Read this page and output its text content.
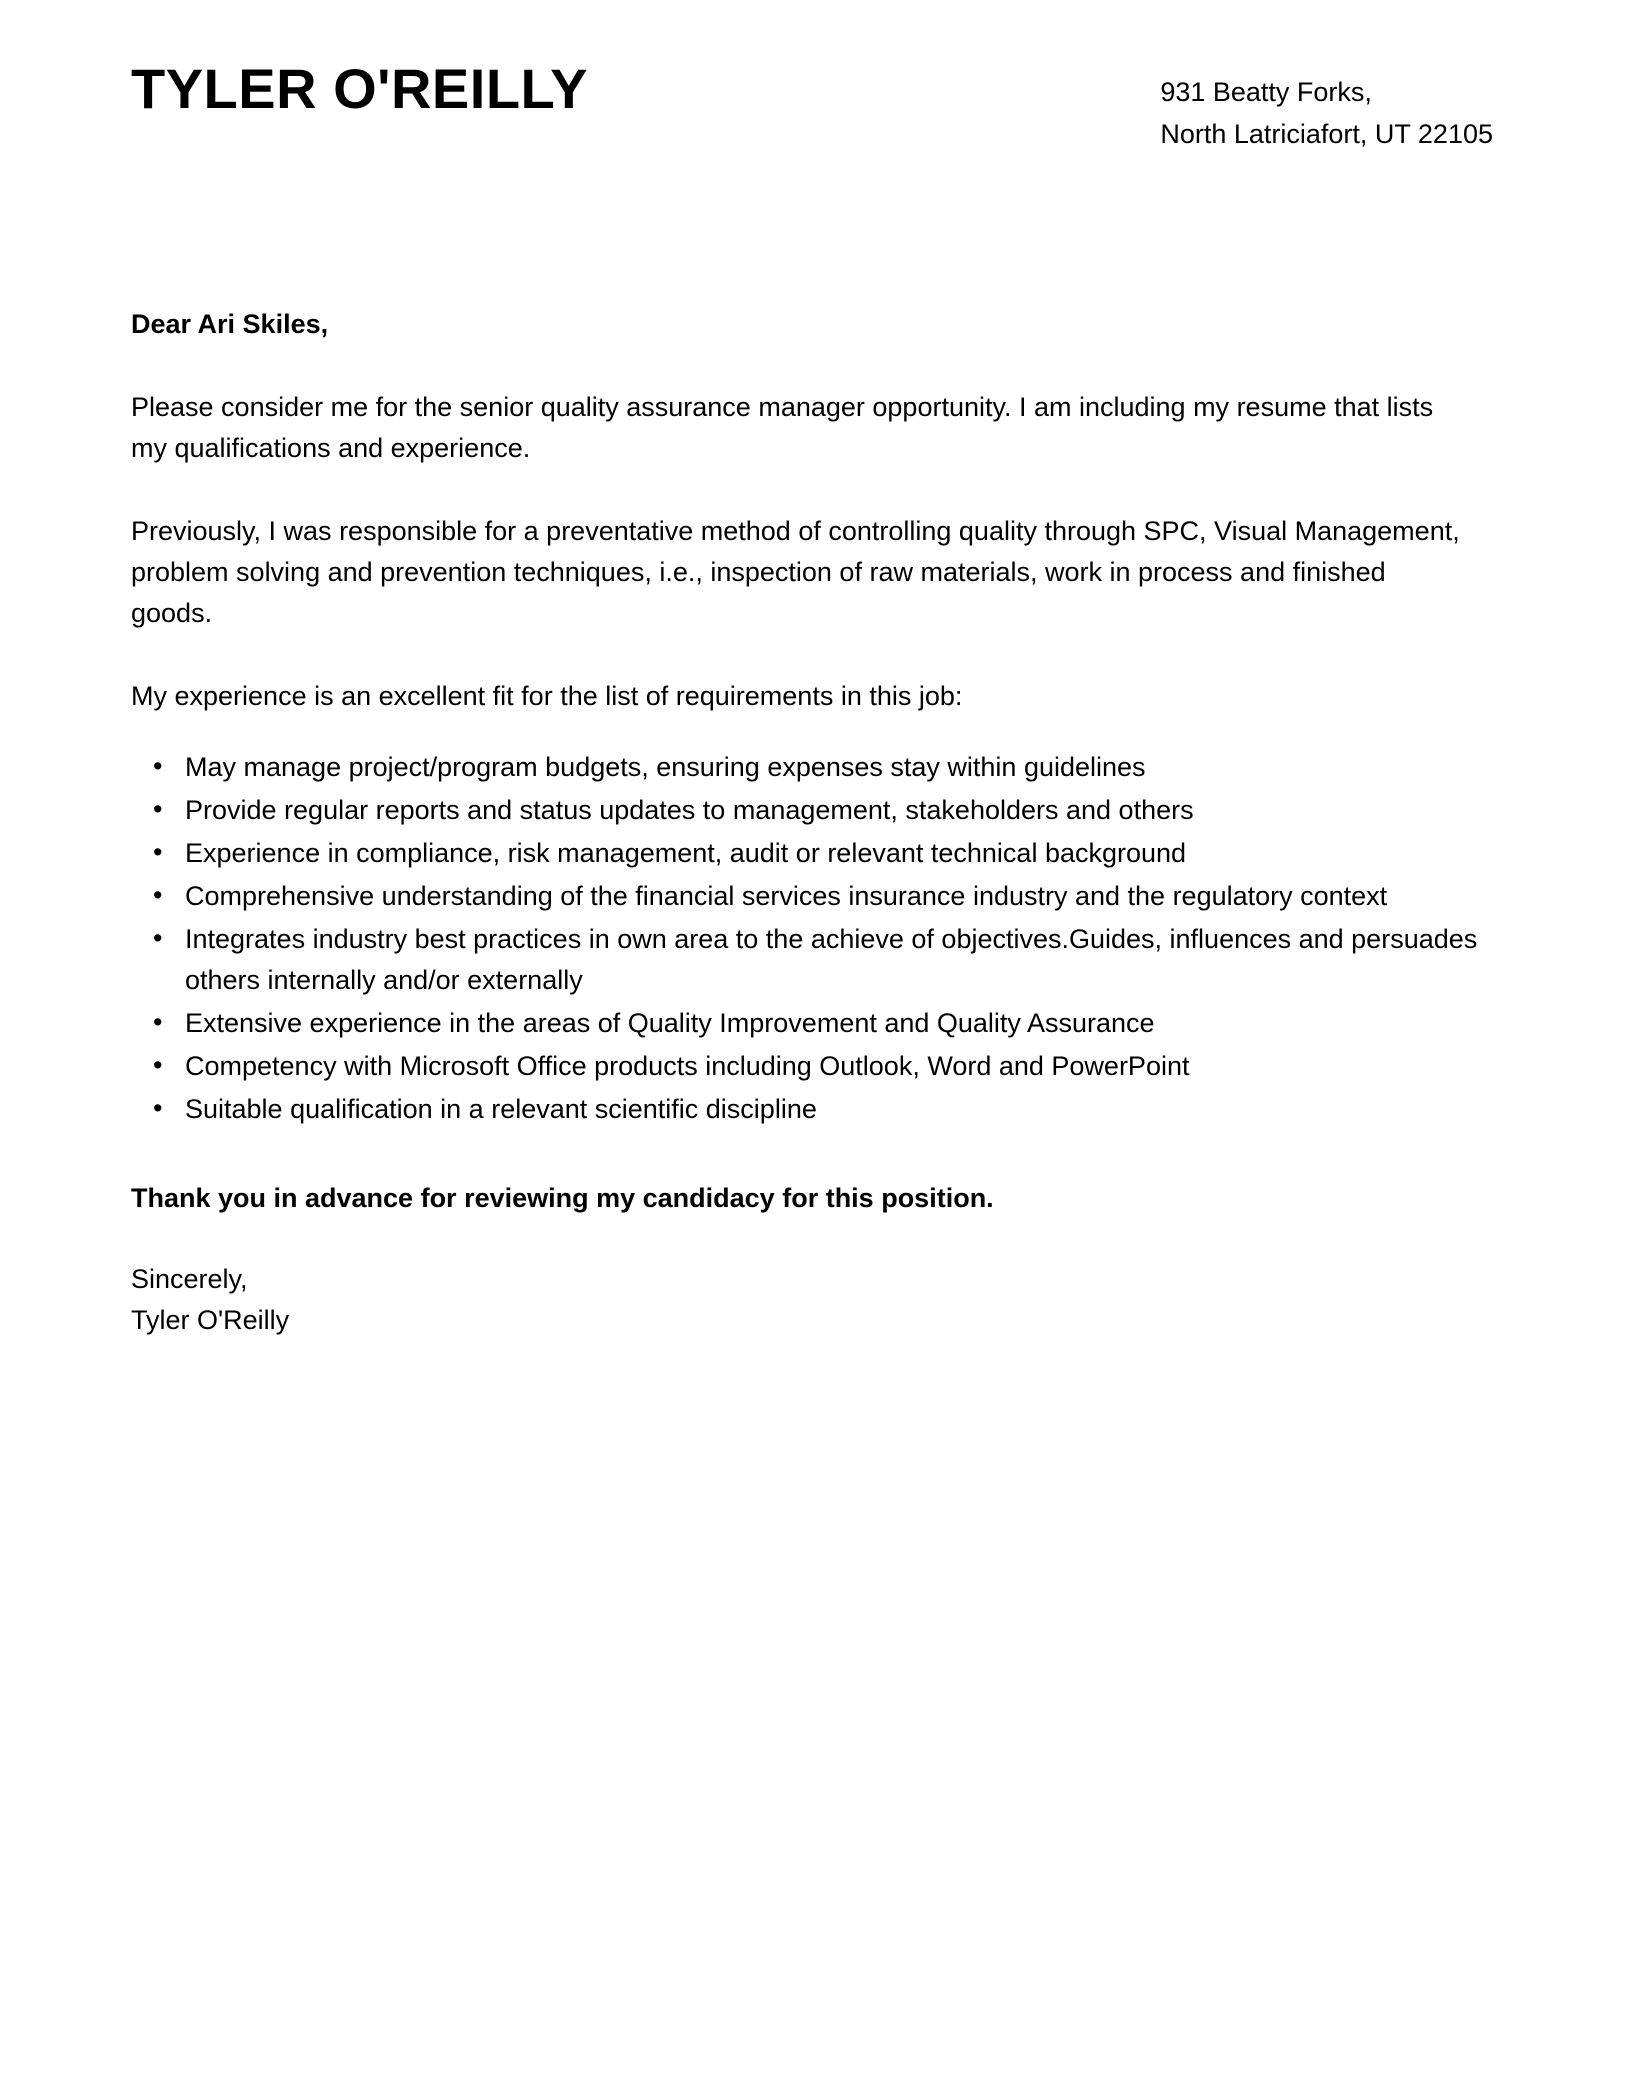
TYLER O'REILLY	931 Beatty Forks,
North Latriciafort, UT 22105

Dear Ari Skiles,

Please consider me for the senior quality assurance manager opportunity. I am including my resume that lists my qualifications and experience.

Previously, I was responsible for a preventative method of controlling quality through SPC, Visual Management, problem solving and prevention techniques, i.e., inspection of raw materials, work in process and finished goods.

My experience is an excellent fit for the list of requirements in this job:

• May manage project/program budgets, ensuring expenses stay within guidelines
• Provide regular reports and status updates to management, stakeholders and others
• Experience in compliance, risk management, audit or relevant technical background
• Comprehensive understanding of the financial services insurance industry and the regulatory context
• Integrates industry best practices in own area to the achieve of objectives.Guides, influences and persuades others internally and/or externally
• Extensive experience in the areas of Quality Improvement and Quality Assurance
• Competency with Microsoft Office products including Outlook, Word and PowerPoint
• Suitable qualification in a relevant scientific discipline

Thank you in advance for reviewing my candidacy for this position.

Sincerely,
Tyler O'Reilly
